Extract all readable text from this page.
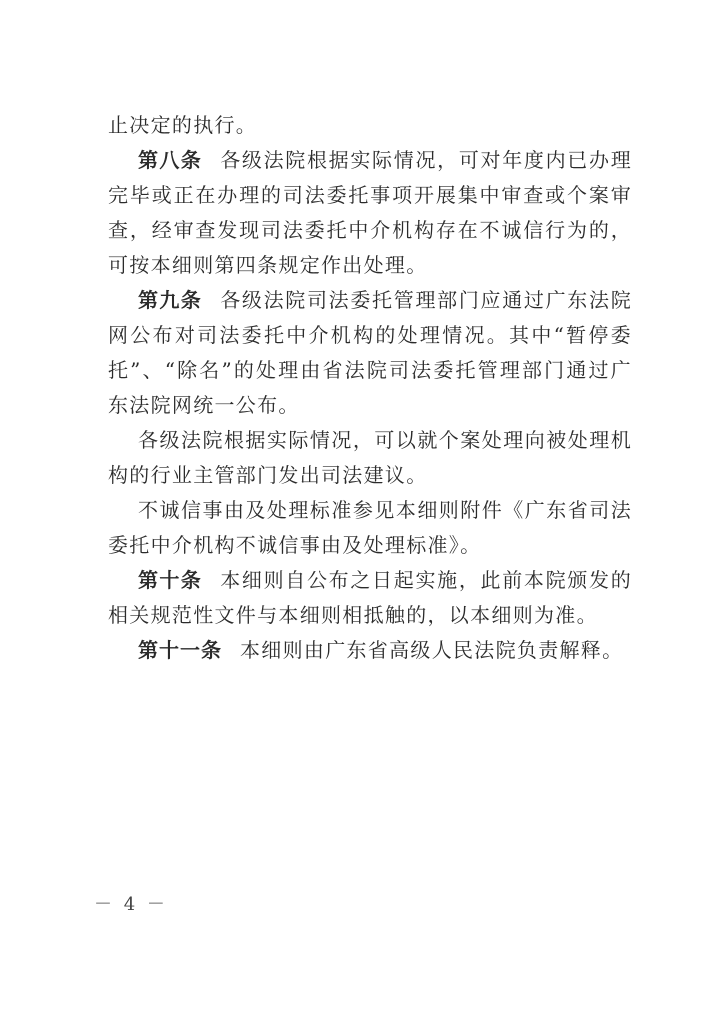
止决定的执行。

第八条 各级法院根据实际情况，可对年度内已办理完毕或正在办理的司法委托事项开展集中审查或个案审查，经审查发现司法委托中介机构存在不诚信行为的，可按本细则第四条规定作出处理。

第九条 各级法院司法委托管理部门应通过广东法院网公布对司法委托中介机构的处理情况。其中“暂停委托”、“除名”的处理由省法院司法委托管理部门通过广东法院网统一公布。

各级法院根据实际情况，可以就个案处理向被处理机构的行业主管部门发出司法建议。

不诚信事由及处理标准参见本细则附件《广东省司法委托中介机构不诚信事由及处理标准》。

第十条 本细则自公布之日起实施，此前本院颁发的相关规范性文件与本细则相抵触的，以本细则为准。

第十一条 本细则由广东省高级人民法院负责解释。

－ 4 －
